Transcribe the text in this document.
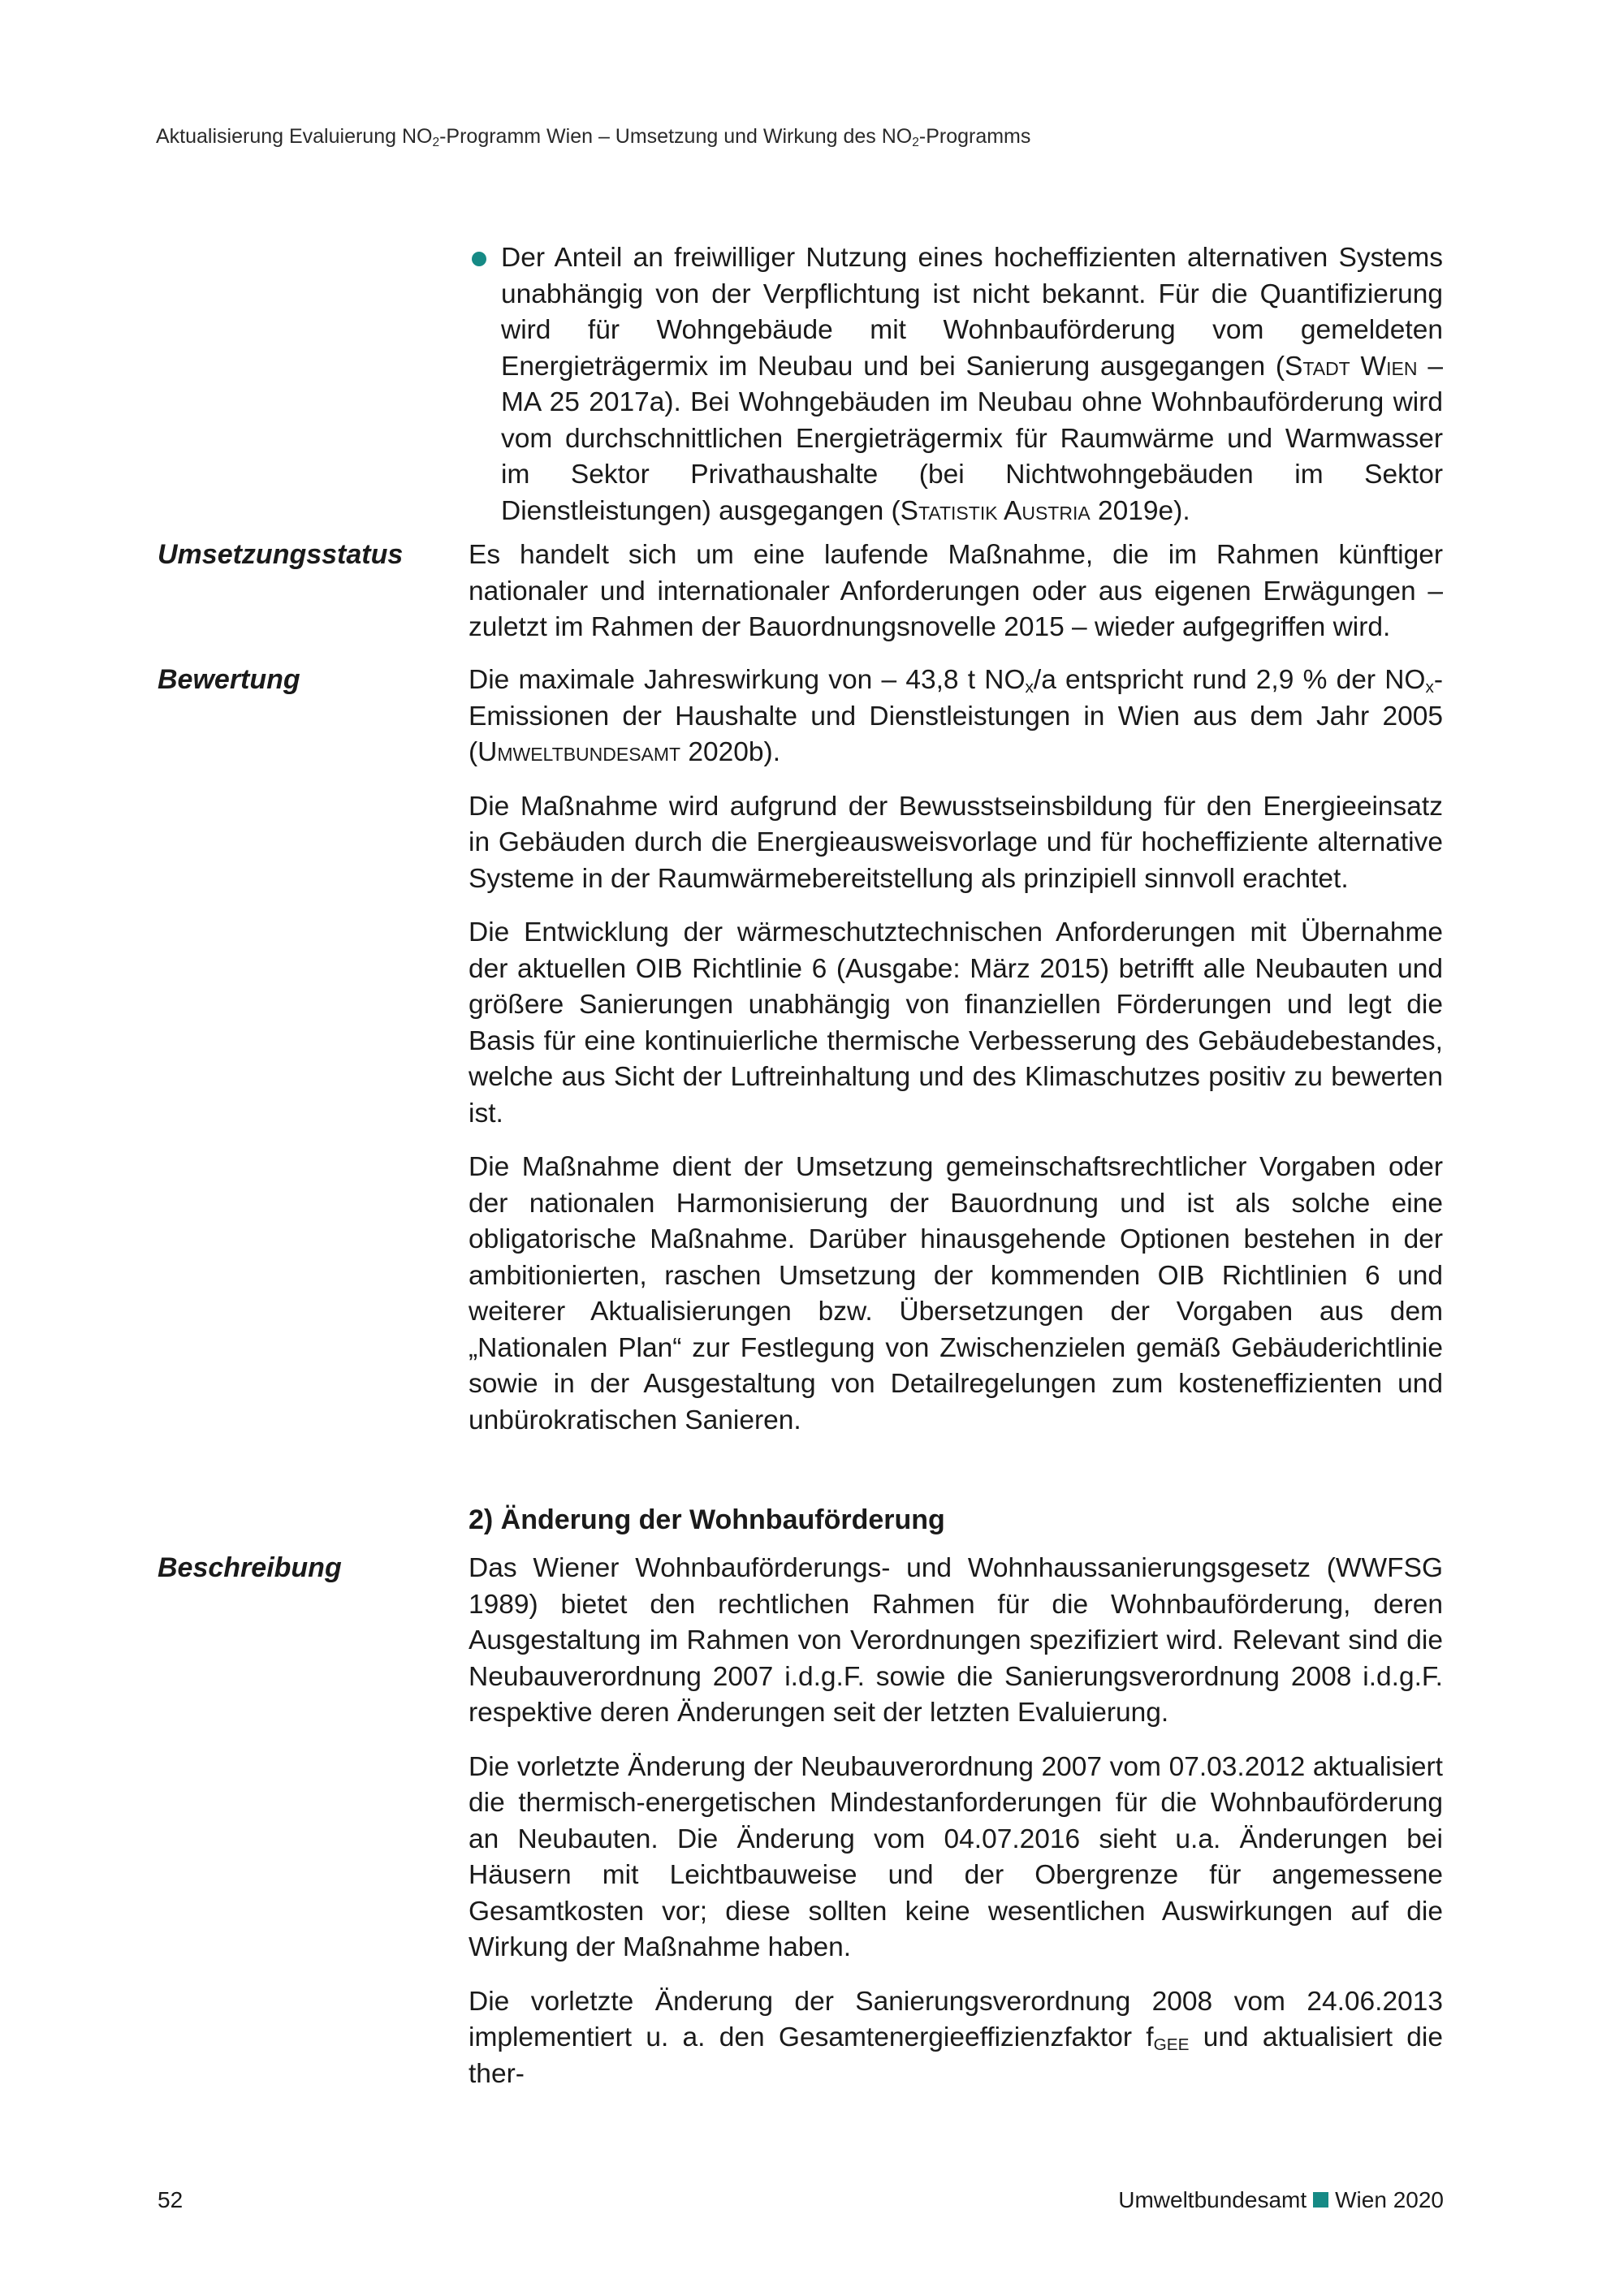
Aktualisierung Evaluierung $NO_2$-Programm Wien – Umsetzung und Wirkung des $NO_2$-Programms

Der Anteil an freiwilliger Nutzung eines hocheffizienten alternativen Systems unabhängig von der Verpflichtung ist nicht bekannt. Für die Quantifizierung wird für Wohngebäude mit Wohnbauförderung vom gemeldeten Energieträgermix im Neubau und bei Sanierung ausgegangen (Stadt Wien – MA 25 2017a). Bei Wohngebäuden im Neubau ohne Wohnbauförderung wird vom durchschnittlichen Energieträgermix für Raumwärme und Warmwasser im Sektor Privathaushalte (bei Nichtwohngebäuden im Sektor Dienstleistungen) ausgegangen (Statistik Austria 2019e).

Umsetzungsstatus	Es handelt sich um eine laufende Maßnahme, die im Rahmen künftiger nationaler und internationaler Anforderungen oder aus eigenen Erwägungen – zuletzt im Rahmen der Bauordnungsnovelle 2015 – wieder aufgegriffen wird.

Bewertung	Die maximale Jahreswirkung von – 43,8 t $NO_x/a$ entspricht rund 2,9 % der $NO_x$-Emissionen der Haushalte und Dienstleistungen in Wien aus dem Jahr 2005 (Umweltbundesamt 2020b).

Die Maßnahme wird aufgrund der Bewusstseinsbildung für den Energieeinsatz in Gebäuden durch die Energieausweisvorlage und für hocheffiziente alternative Systeme in der Raumwärmebereitstellung als prinzipiell sinnvoll erachtet.

Die Entwicklung der wärmeschutztechnischen Anforderungen mit Übernahme der aktuellen OIB Richtlinie 6 (Ausgabe: März 2015) betrifft alle Neubauten und größere Sanierungen unabhängig von finanziellen Förderungen und legt die Basis für eine kontinuierliche thermische Verbesserung des Gebäudebestandes, welche aus Sicht der Luftreinhaltung und des Klimaschutzes positiv zu bewerten ist.

Die Maßnahme dient der Umsetzung gemeinschaftsrechtlicher Vorgaben oder der nationalen Harmonisierung der Bauordnung und ist als solche eine obligatorische Maßnahme. Darüber hinausgehende Optionen bestehen in der ambitionierten, raschen Umsetzung der kommenden OIB Richtlinien 6 und weiterer Aktualisierungen bzw. Übersetzungen der Vorgaben aus dem „Nationalen Plan“ zur Festlegung von Zwischenzielen gemäß Gebäuderichtlinie sowie in der Ausgestaltung von Detailregelungen zum kosteneffizienten und unbürokratischen Sanieren.

2) Änderung der Wohnbauförderung
Beschreibung	Das Wiener Wohnbauförderungs- und Wohnhaussanierungsgesetz (WWFSG 1989) bietet den rechtlichen Rahmen für die Wohnbauförderung, deren Ausgestaltung im Rahmen von Verordnungen spezifiziert wird. Relevant sind die Neubauverordnung 2007 i.d.g.F. sowie die Sanierungsverordnung 2008 i.d.g.F. respektive deren Änderungen seit der letzten Evaluierung.

Die vorletzte Änderung der Neubauverordnung 2007 vom 07.03.2012 aktualisiert die thermisch-energetischen Mindestanforderungen für die Wohnbauförderung an Neubauten. Die Änderung vom 04.07.2016 sieht u.a. Änderungen bei Häusern mit Leichtbauweise und der Obergrenze für angemessene Gesamtkosten vor; diese sollten keine wesentlichen Auswirkungen auf die Wirkung der Maßnahme haben.

Die vorletzte Änderung der Sanierungsverordnung 2008 vom 24.06.2013 implementiert u. a. den Gesamtenergieeffizienzfaktor $f_{GEE}$ und aktualisiert die ther-

52	Umweltbundesamt Wien 2020
